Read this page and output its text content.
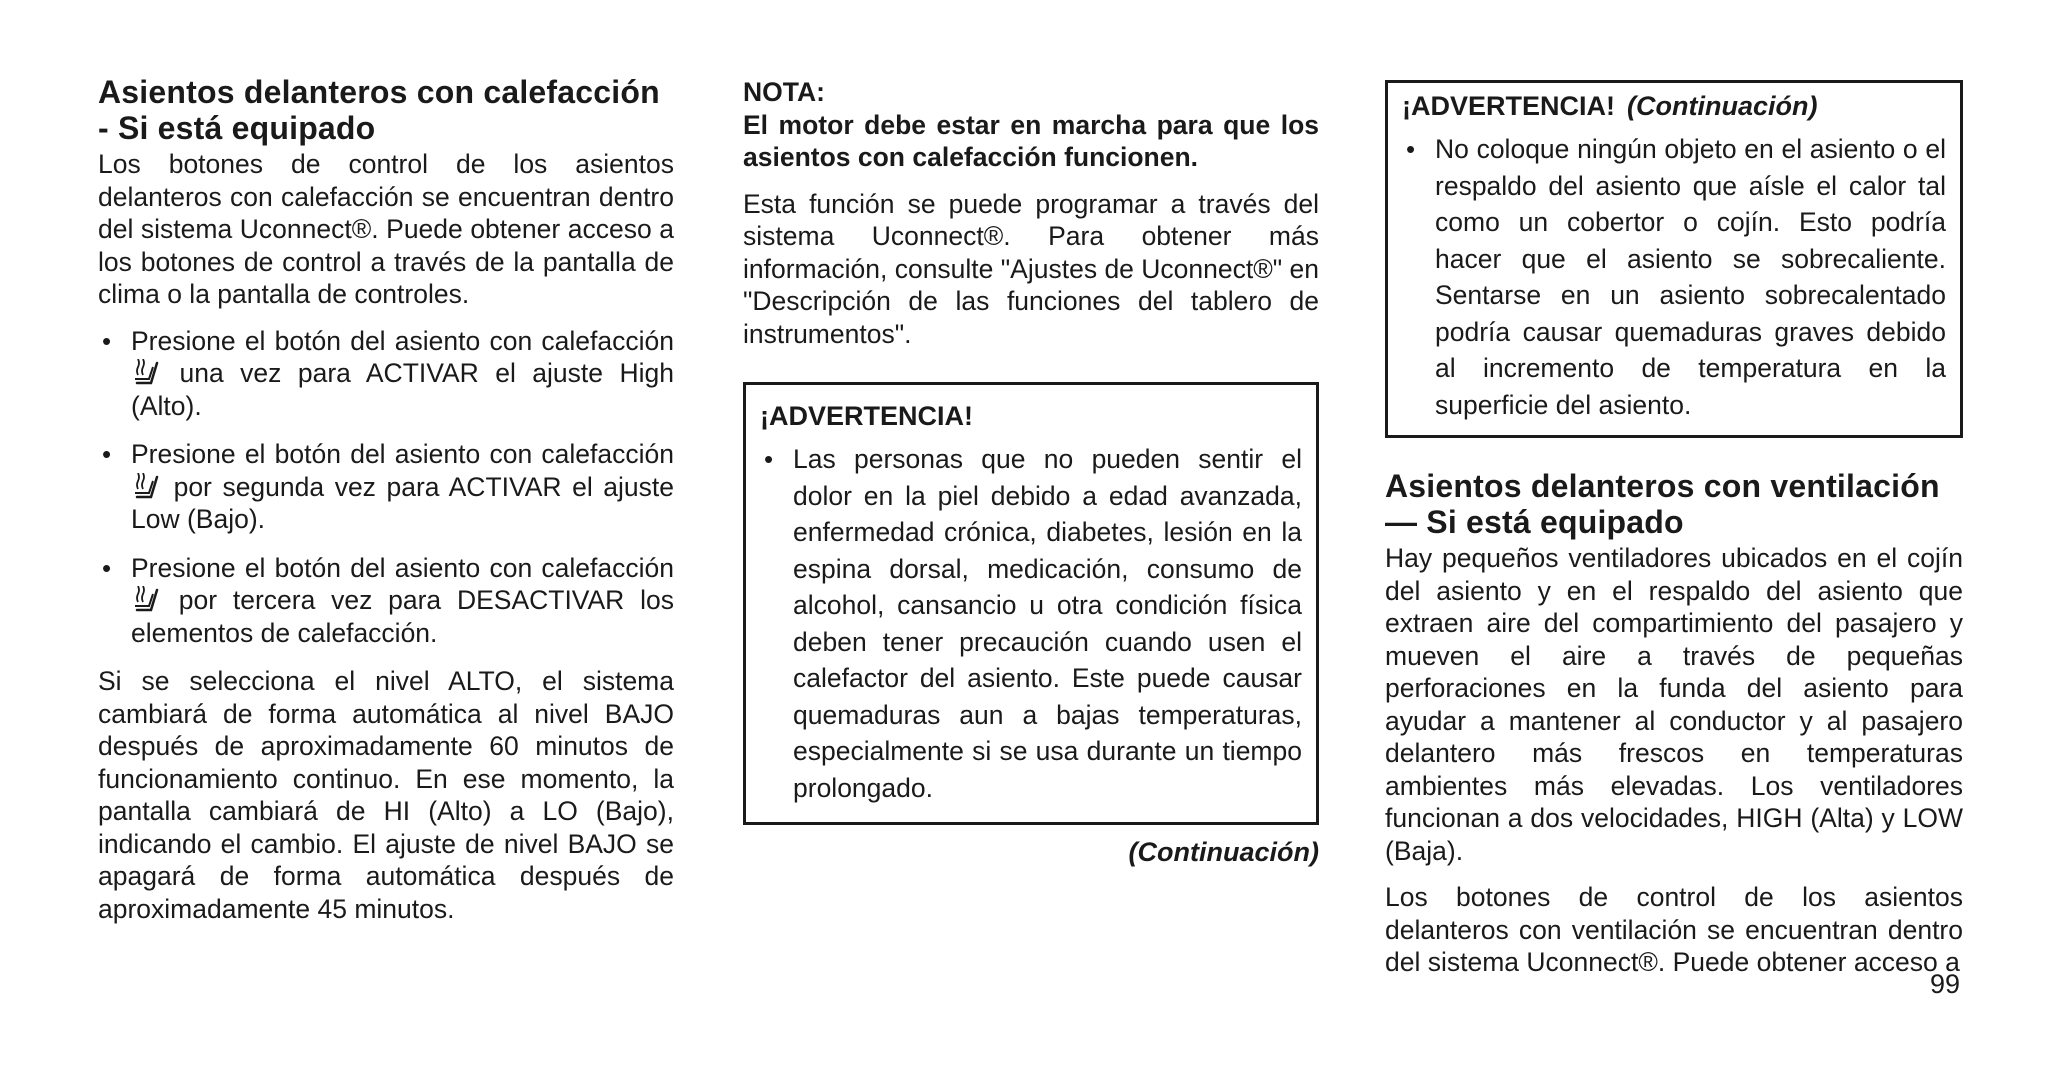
Asientos delanteros con calefacción - Si está equipado

Los botones de control de los asientos delanteros con calefacción se encuentran dentro del sistema Uconnect®. Puede obtener acceso a los botones de control a través de la pantalla de clima o la pantalla de controles.

• Presione el botón del asiento con calefacción  una vez para ACTIVAR el ajuste High (Alto).
• Presione el botón del asiento con calefacción  por segunda vez para ACTIVAR el ajuste Low (Bajo).
• Presione el botón del asiento con calefacción  por tercera vez para DESACTIVAR los elementos de calefacción.

Si se selecciona el nivel ALTO, el sistema cambiará de forma automática al nivel BAJO después de aproximadamente 60 minutos de funcionamiento continuo. En ese momento, la pantalla cambiará de HI (Alto) a LO (Bajo), indicando el cambio. El ajuste de nivel BAJO se apagará de forma automática después de aproximadamente 45 minutos.

NOTA:

El motor debe estar en marcha para que los asientos con calefacción funcionen.

Esta función se puede programar a través del sistema Uconnect®. Para obtener más información, consulte "Ajustes de Uconnect®" en "Descripción de las funciones del tablero de instrumentos".

¡ADVERTENCIA!
• Las personas que no pueden sentir el dolor en la piel debido a edad avanzada, enfermedad crónica, diabetes, lesión en la espina dorsal, medicación, consumo de alcohol, cansancio u otra condición física deben tener precaución cuando usen el calefactor del asiento. Este puede causar quemaduras aun a bajas temperaturas, especialmente si se usa durante un tiempo prolongado.
(Continuación)
¡ADVERTENCIA! (Continuación)
• No coloque ningún objeto en el asiento o el respaldo del asiento que aísle el calor tal como un cobertor o cojín. Esto podría hacer que el asiento se sobrecaliente. Sentarse en un asiento sobrecalentado podría causar quemaduras graves debido al incremento de temperatura en la superficie del asiento.
Asientos delanteros con ventilación — Si está equipado

Hay pequeños ventiladores ubicados en el cojín del asiento y en el respaldo del asiento que extraen aire del compartimiento del pasajero y mueven el aire a través de pequeñas perforaciones en la funda del asiento para ayudar a mantener al conductor y al pasajero delantero más frescos en temperaturas ambientes más elevadas. Los ventiladores funcionan a dos velocidades, HIGH (Alta) y LOW (Baja).

Los botones de control de los asientos delanteros con ventilación se encuentran dentro del sistema Uconnect®. Puede obtener acceso a

99
